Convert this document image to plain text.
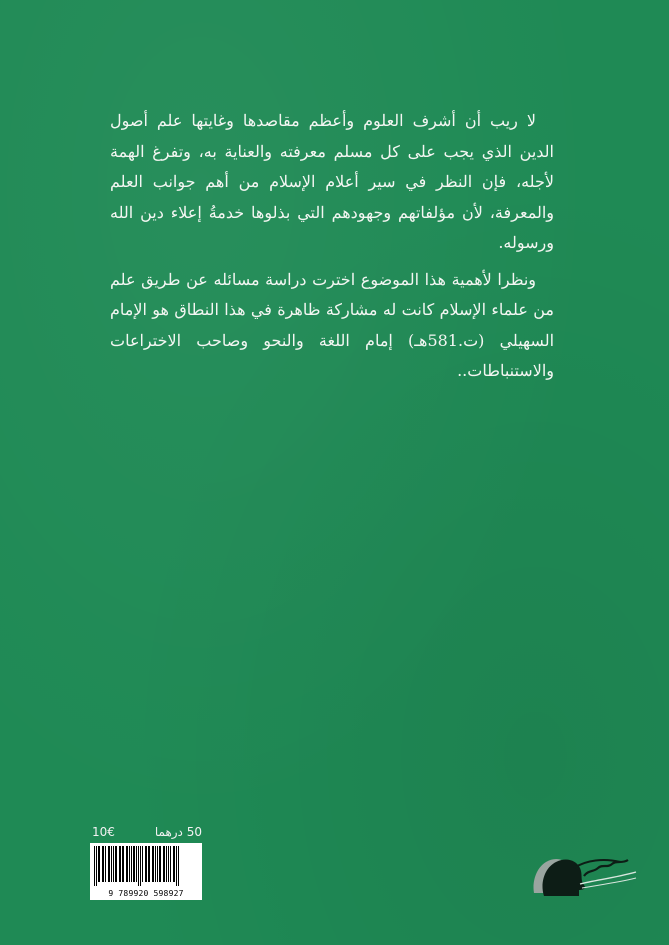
لا ريب أن أشرف العلوم وأعظم مقاصدها وغايتها علم أصول الدين الذي يجب على كل مسلم معرفته والعناية به، وتفرغ الهمة لأجله، فإن النظر في سير أعلام الإسلام من أهم جوانب العلم والمعرفة، لأن مؤلفاتهم وجهودهم التي بذلوها خدمةُ إعلاء دين الله ورسوله.

ونظرا لأهمية هذا الموضوع اخترت دراسة مسائله عن طريق علم من علماء الإسلام كانت له مشاركة ظاهرة في هذا النطاق هو الإمام السهيلي (ت.581هـ) إمام اللغة والنحو وصاحب الاختراعات والاستنباطات..

10€	50 درهما
9 789920 598927
